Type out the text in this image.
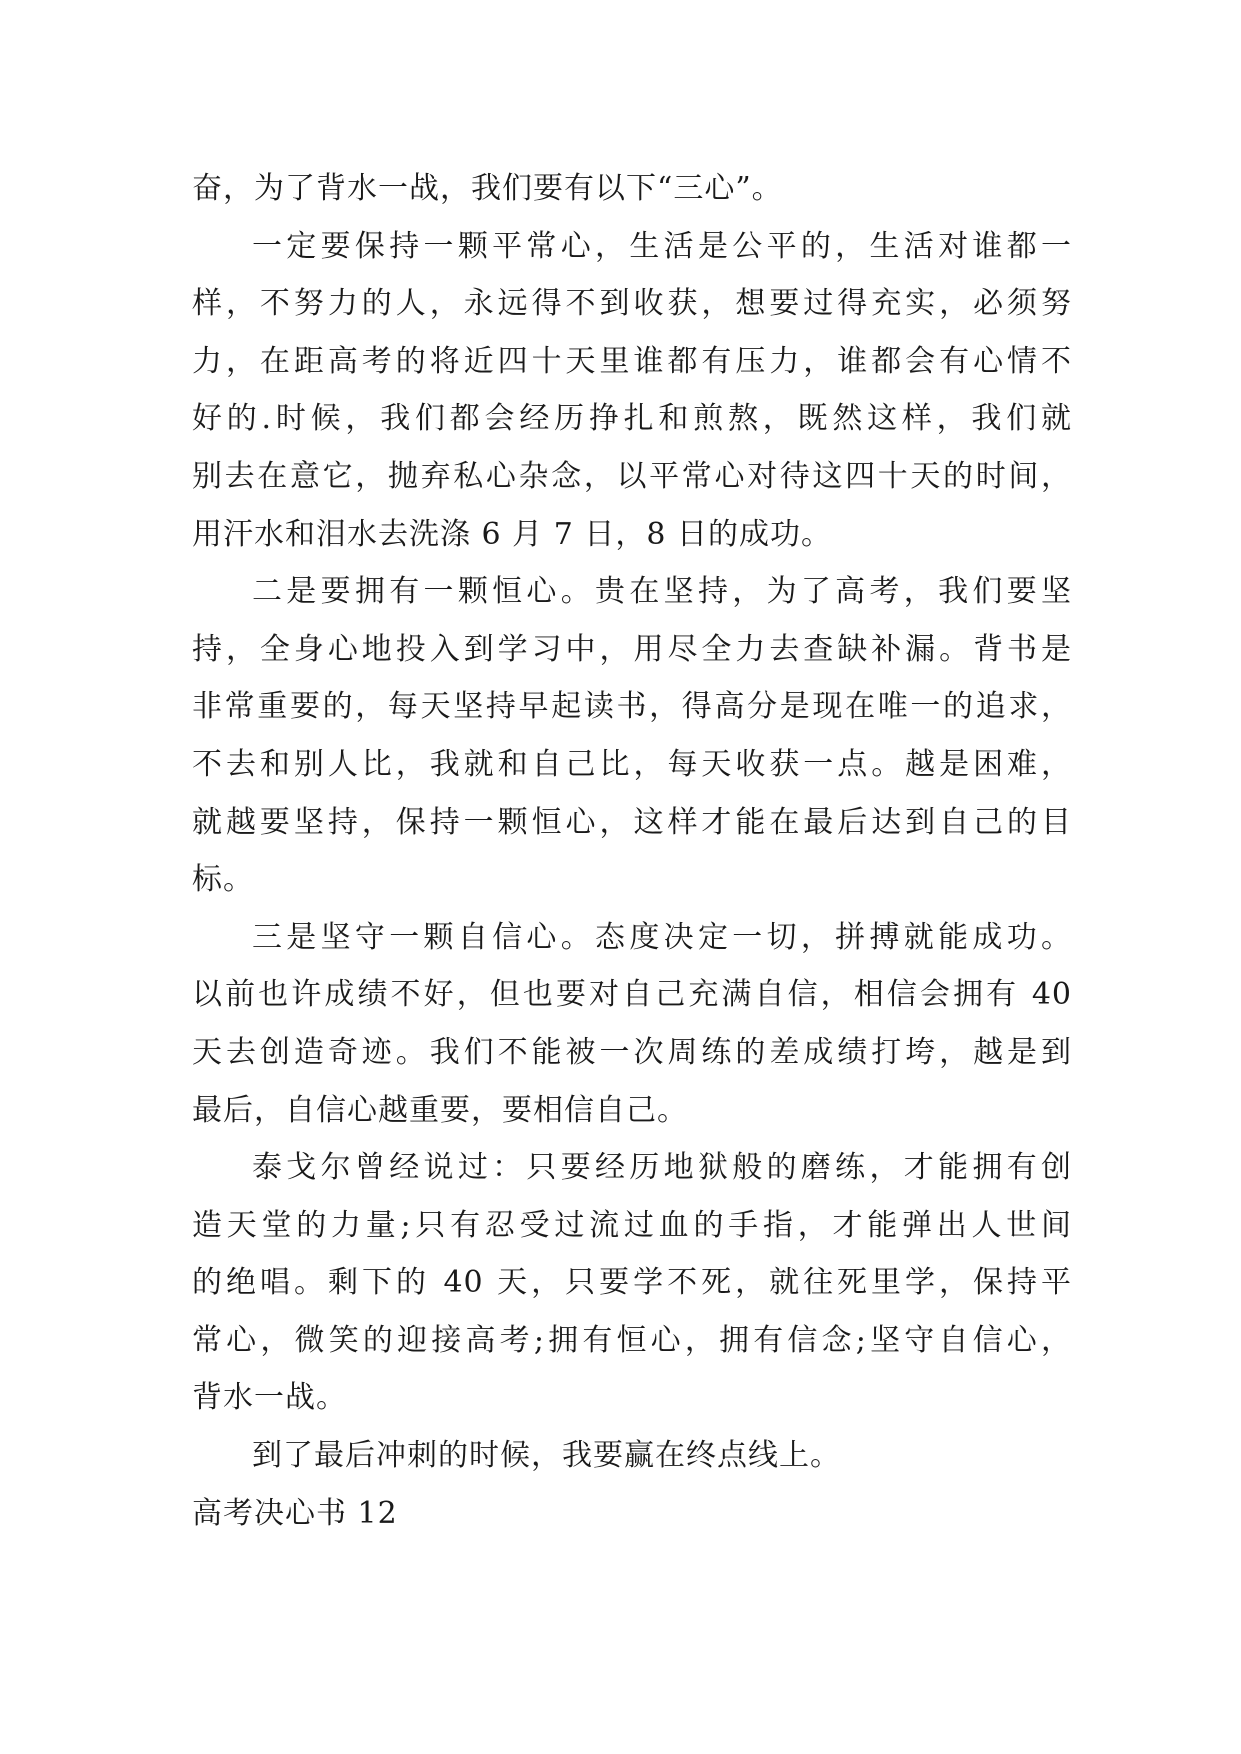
奋，为了背水一战，我们要有以下“三心”。
一定要保持一颗平常心，生活是公平的，生活对谁都一
样，不努力的人，永远得不到收获，想要过得充实，必须努
力，在距高考的将近四十天里谁都有压力，谁都会有心情不
好的.时候，我们都会经历挣扎和煎熬，既然这样，我们就
别去在意它，抛弃私心杂念，以平常心对待这四十天的时间，
用汗水和泪水去洗涤 6 月 7 日，8 日的成功。
二是要拥有一颗恒心。贵在坚持，为了高考，我们要坚
持，全身心地投入到学习中，用尽全力去查缺补漏。背书是
非常重要的，每天坚持早起读书，得高分是现在唯一的追求，
不去和别人比，我就和自己比，每天收获一点。越是困难，
就越要坚持，保持一颗恒心，这样才能在最后达到自己的目
标。
三是坚守一颗自信心。态度决定一切，拼搏就能成功。
以前也许成绩不好，但也要对自己充满自信，相信会拥有 40
天去创造奇迹。我们不能被一次周练的差成绩打垮，越是到
最后，自信心越重要，要相信自己。
泰戈尔曾经说过：只要经历地狱般的磨练，才能拥有创
造天堂的力量;只有忍受过流过血的手指，才能弹出人世间
的绝唱。剩下的 40 天，只要学不死，就往死里学，保持平
常心，微笑的迎接高考;拥有恒心，拥有信念;坚守自信心，
背水一战。
到了最后冲刺的时候，我要赢在终点线上。
高考决心书 12
